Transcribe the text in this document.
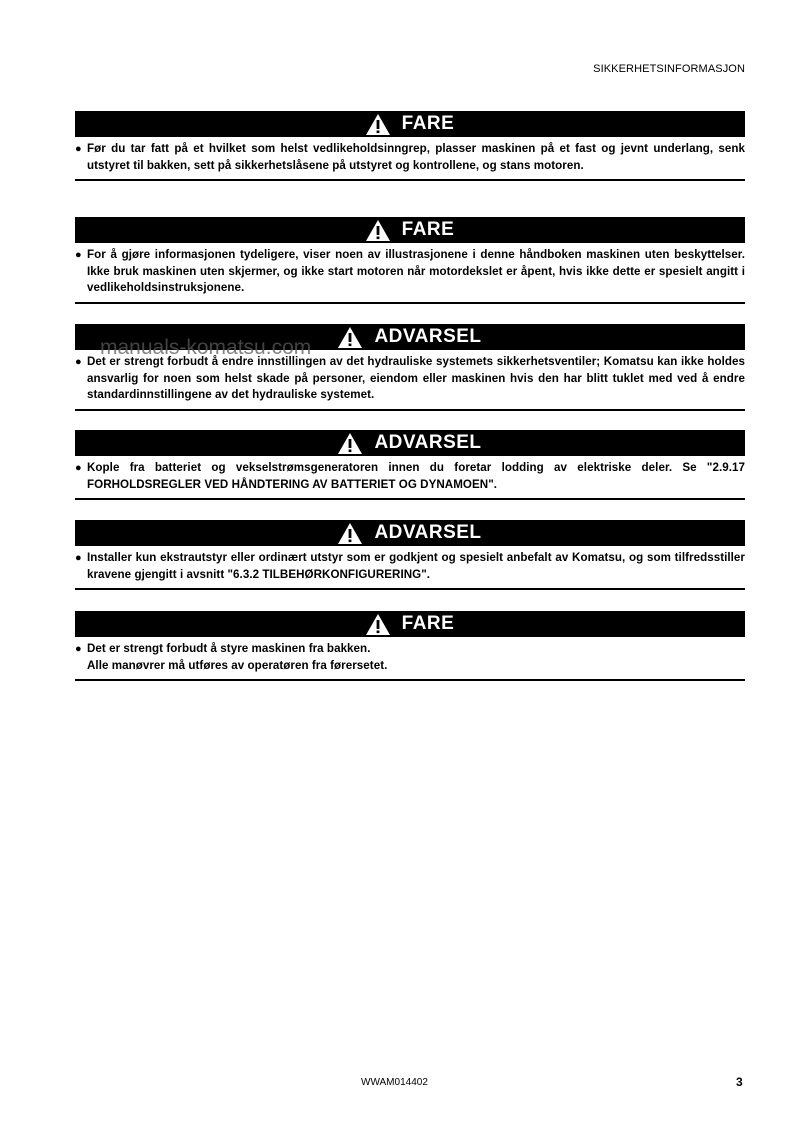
SIKKERHETSINFORMASJON
FARE
● Før du tar fatt på et hvilket som helst vedlikeholdsinngrep, plasser maskinen på et fast og jevnt underlang, senk utstyret til bakken, sett på sikkerhetslåsene på utstyret og kontrollene, og stans motoren.

FARE
● For å gjøre informasjonen tydeligere, viser noen av illustrasjonene i denne håndboken maskinen uten beskyttelser. Ikke bruk maskinen uten skjermer, og ikke start motoren når motordekslet er åpent, hvis ikke dette er spesielt angitt i vedlikeholdsinstruksjonene.

ADVARSEL
● Det er strengt forbudt å endre innstillingen av det hydrauliske systemets sikkerhetsventiler; Komatsu kan ikke holdes ansvarlig for noen som helst skade på personer, eiendom eller maskinen hvis den har blitt tuklet med ved å endre standardinnstillingene av det hydrauliske systemet.

ADVARSEL
● Kople fra batteriet og vekselstrømsgeneratoren innen du foretar lodding av elektriske deler. Se "2.9.17 FORHOLDSREGLER VED HÅNDTERING AV BATTERIET OG DYNAMOEN".

ADVARSEL
● Installer kun ekstrautstyr eller ordinært utstyr som er godkjent og spesielt anbefalt av Komatsu, og som tilfredsstiller kravene gjengitt i avsnitt "6.3.2 TILBEHØRKONFIGURERING".

FARE
● Det er strengt forbudt å styre maskinen fra bakken.

Alle manøvrer må utføres av operatøren fra førersetet.

manuals-komatsu.com
WWAM014402	3
